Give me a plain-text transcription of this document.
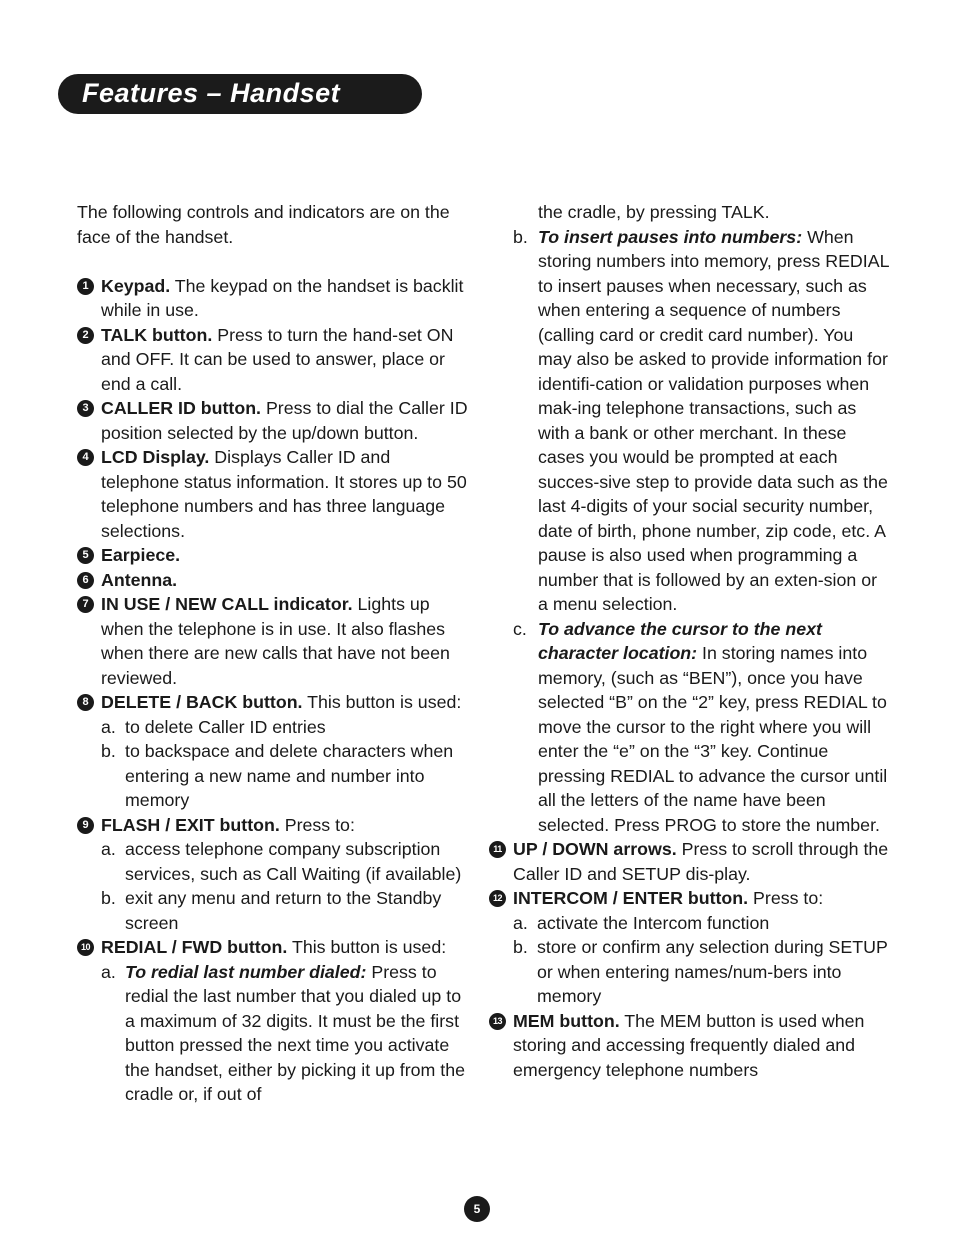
Features – Handset

The following controls and indicators are on the face of the handset.

1 Keypad. The keypad on the handset is backlit while in use.
2 TALK button. Press to turn the hand-set ON and OFF. It can be used to answer, place or end a call.
3 CALLER ID button. Press to dial the Caller ID position selected by the up/down button.
4 LCD Display. Displays Caller ID and telephone status information. It stores up to 50 telephone numbers and has three language selections.
5 Earpiece.
6 Antenna.
7 IN USE / NEW CALL indicator. Lights up when the telephone is in use. It also flashes when there are new calls that have not been reviewed.
8 DELETE / BACK button. This button is used:
a. to delete Caller ID entries
b. to backspace and delete characters when entering a new name and number into memory
9 FLASH / EXIT button. Press to:
a. access telephone company subscription services, such as Call Waiting (if available)
b. exit any menu and return to the Standby screen
10 REDIAL / FWD button. This button is used:
a. To redial last number dialed: Press to redial the last number that you dialed up to a maximum of 32 digits. It must be the first button pressed the next time you activate the handset, either by picking it up from the cradle or, if out of
the cradle, by pressing TALK.
b. To insert pauses into numbers: When storing numbers into memory, press REDIAL to insert pauses when necessary, such as when entering a sequence of numbers (calling card or credit card number). You may also be asked to provide information for identifi-cation or validation purposes when mak-ing telephone transactions, such as with a bank or other merchant. In these cases you would be prompted at each succes-sive step to provide data such as the last 4-digits of your social security number, date of birth, phone number, zip code, etc. A pause is also used when programming a number that is followed by an exten-sion or a menu selection.
c. To advance the cursor to the next character location: In storing names into memory, (such as “BEN”), once you have selected “B” on the “2” key, press REDIAL to move the cursor to the right where you will enter the “e” on the “3” key. Continue pressing REDIAL to advance the cursor until all the letters of the name have been selected. Press PROG to store the number.
11 UP / DOWN arrows. Press to scroll through the Caller ID and SETUP dis-play.
12 INTERCOM / ENTER button. Press to:
a. activate the Intercom function
b. store or confirm any selection during SETUP or when entering names/num-bers into memory
13 MEM button. The MEM button is used when storing and accessing frequently dialed and emergency telephone numbers
5
